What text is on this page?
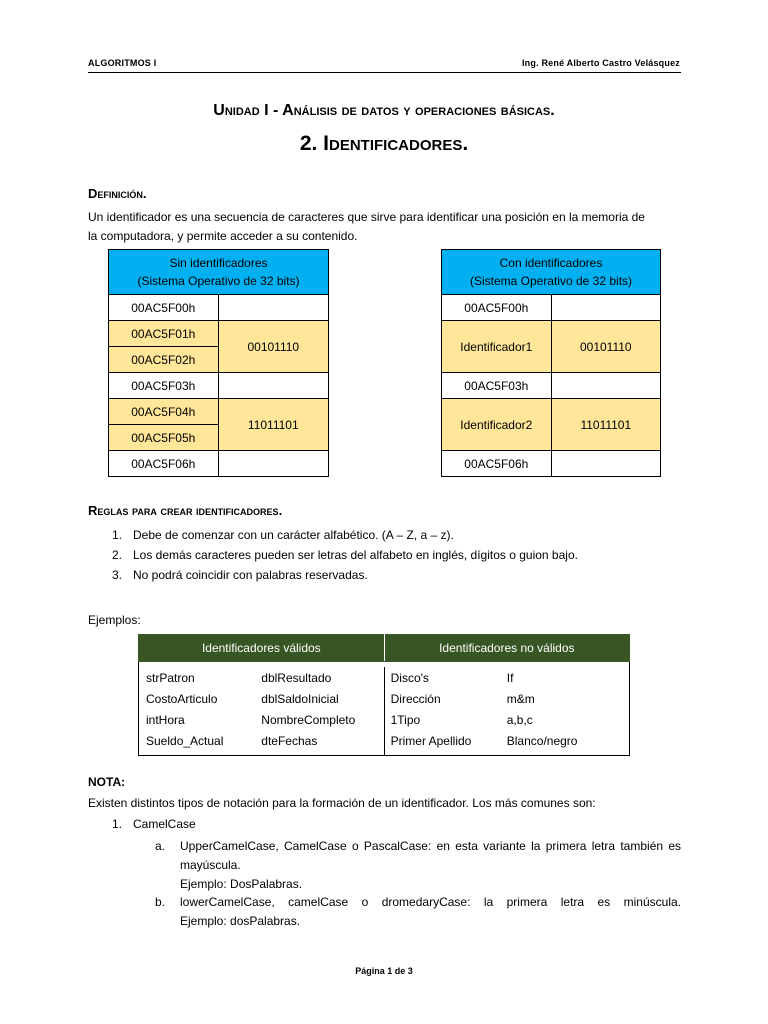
ALGORITMOS I	Ing. René Alberto Castro Velásquez
Unidad I - Análisis de datos y operaciones básicas.
2. Identificadores.
Definición.
Un identificador es una secuencia de caracteres que sirve para identificar una posición en la memoria de
la computadora, y permite acceder a su contenido.
Sin identificadores
(Sistema Operativo de 32 bits)	

00AC5F00h	
00AC5F01h	00101110
00AC5F02h	
00AC5F03h	
00AC5F04h	11011101
00AC5F05h	
00AC5F06h	
Con identificadores
(Sistema Operativo de 32 bits)	

00AC5F00h	
Identificador1	00101110
00AC5F03h	
Identificador2	11011101
00AC5F06h	
Reglas para crear identificadores.
1. Debe de comenzar con un carácter alfabético. (A – Z, a – z).
2. Los demás caracteres pueden ser letras del alfabeto en inglés, dígitos o guion bajo.
3. No podrá coincidir con palabras reservadas.
Ejemplos:
Identificadores válidos		Identificadores no válidos	

strPatron	dblResultado	Disco's	If
CostoArticulo	dblSaldoInicial	Dirección	m&m
intHora	NombreCompleto	1Tipo	a,b,c
Sueldo_Actual	dteFechas	Primer Apellido	Blanco/negro

NOTA:
Existen distintos tipos de notación para la formación de un identificador. Los más comunes son:
1. CamelCase
a.	UpperCamelCase, CamelCase o PascalCase: en esta variante la primera letra también es
mayúscula.
Ejemplo: DosPalabras.
b.	lowerCamelCase, camelCase o dromedaryCase: la primera letra es minúscula.
Ejemplo: dosPalabras.
Página 1 de 3
